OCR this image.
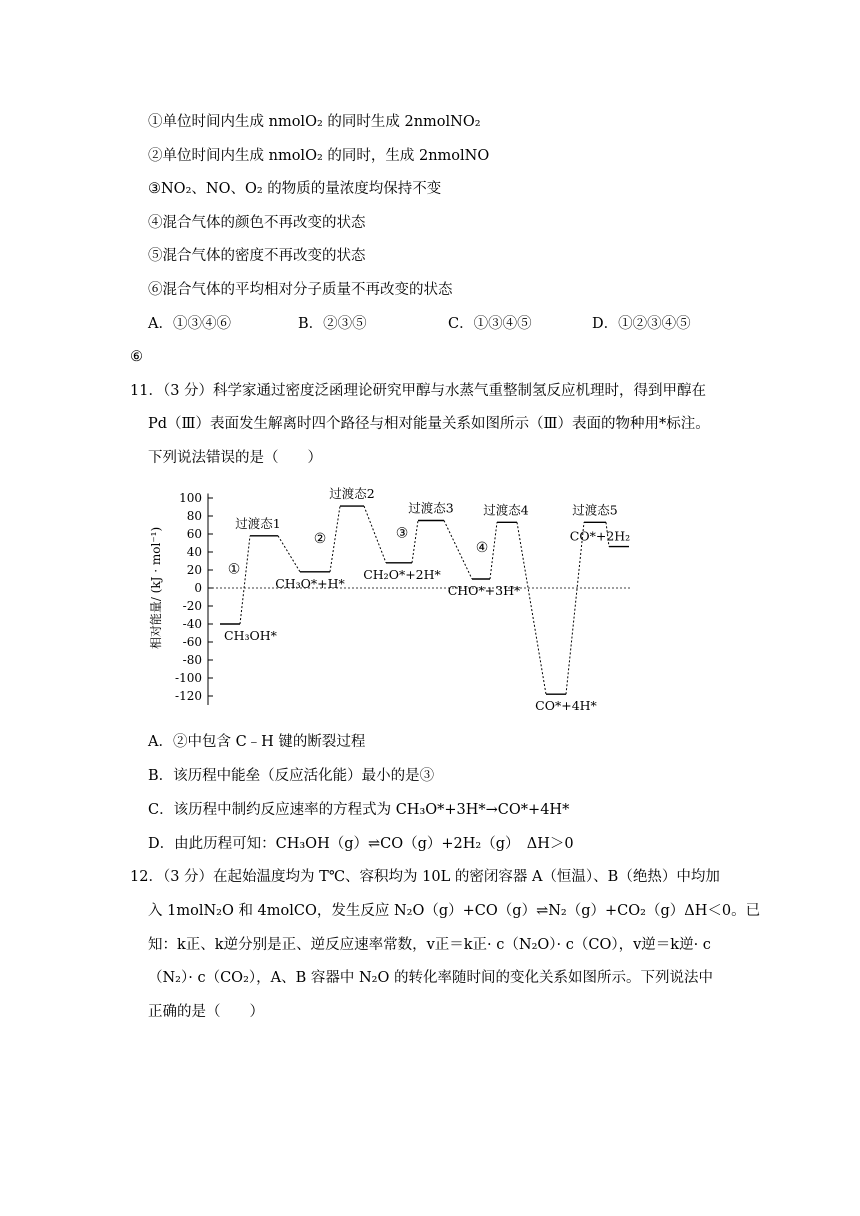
①单位时间内生成 nmolO₂ 的同时生成 2nmolNO₂
②单位时间内生成 nmolO₂ 的同时，生成 2nmolNO
③NO₂、NO、O₂ 的物质的量浓度均保持不变
④混合气体的颜色不再改变的状态
⑤混合气体的密度不再改变的状态
⑥混合气体的平均相对分子质量不再改变的状态
A．①③④⑥	B．②③⑤	C．①③④⑤	D．①②③④⑤
⑥
11．（3 分）科学家通过密度泛函理论研究甲醇与水蒸气重整制氢反应机理时，得到甲醇在
Pd（Ⅲ）表面发生解离时四个路径与相对能量关系如图所示（Ⅲ）表面的物种用*标注。
下列说法错误的是（　　）
100
80
60
40
20
0
-20
-40
-60
-80
-100
-120
CH₃OH*
过渡态1
CH₃O*+H*
过渡态2
CH₂O*+2H*
过渡态3
CHO*+3H*
过渡态4
CO*+4H*
过渡态5
CO*+2H₂
①
②	③
④
相对能量/ (kJ · mol⁻¹)
A．②中包含 C﹣H 键的断裂过程
B．该历程中能垒（反应活化能）最小的是③
C．该历程中制约反应速率的方程式为 CH₃O*+3H*→CO*+4H*
D．由此历程可知：CH₃OH（g）⇌CO（g）+2H₂（g）　ΔH＞0
12．（3 分）在起始温度均为 T℃、容积均为 10L 的密闭容器 A（恒温）、B（绝热）中均加
入 1molN₂O 和 4molCO，发生反应 N₂O（g）+CO（g）⇌N₂（g）+CO₂（g）ΔH＜0。已
知：k正、k逆分别是正、逆反应速率常数，v正＝k正· c（N₂O）· c（CO），v逆＝k逆· c
（N₂）· c（CO₂），A、B 容器中 N₂O 的转化率随时间的变化关系如图所示。下列说法中
正确的是（　　）
